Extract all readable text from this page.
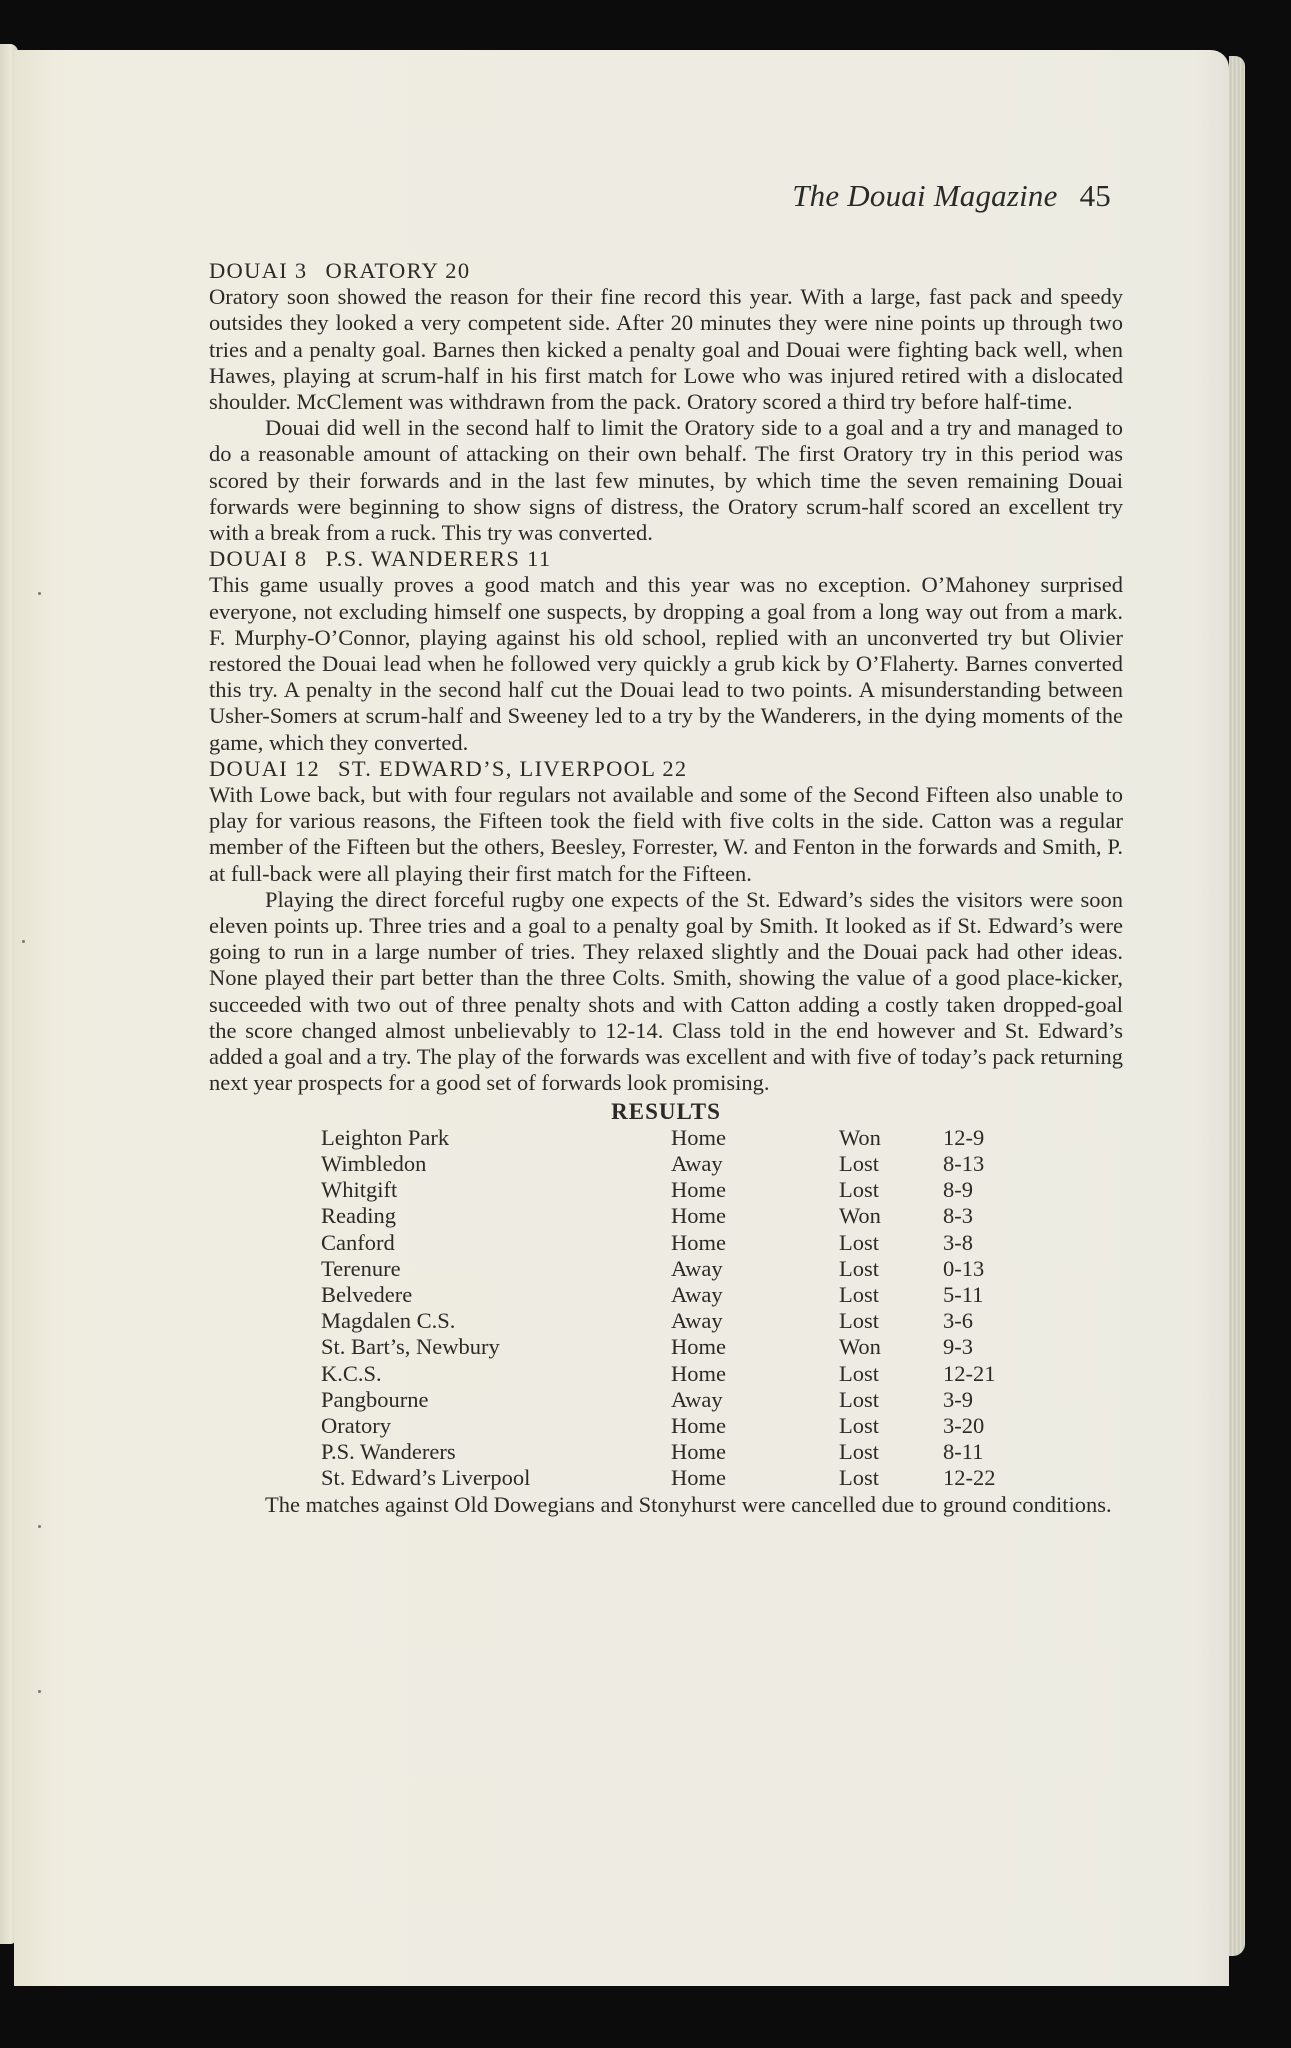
The Douai Magazine 45
DOUAI 3 ORATORY 20

Oratory soon showed the reason for their fine record this year. With a large, fast pack and speedy outsides they looked a very competent side. After 20 minutes they were nine points up through two tries and a penalty goal. Barnes then kicked a penalty goal and Douai were fighting back well, when Hawes, playing at scrum-half in his first match for Lowe who was injured retired with a dislocated shoulder. McClement was withdrawn from the pack. Oratory scored a third try before half-time.

Douai did well in the second half to limit the Oratory side to a goal and a try and managed to do a reasonable amount of attacking on their own behalf. The first Oratory try in this period was scored by their forwards and in the last few minutes, by which time the seven remaining Douai forwards were beginning to show signs of distress, the Oratory scrum-half scored an excellent try with a break from a ruck. This try was converted.

DOUAI 8 P.S. WANDERERS 11

This game usually proves a good match and this year was no exception. O’Mahoney surprised everyone, not excluding himself one suspects, by dropping a goal from a long way out from a mark. F. Murphy-O’Connor, playing against his old school, replied with an unconverted try but Olivier restored the Douai lead when he followed very quickly a grub kick by O’Flaherty. Barnes converted this try. A penalty in the second half cut the Douai lead to two points. A misunderstanding between Usher-Somers at scrum-half and Sweeney led to a try by the Wanderers, in the dying moments of the game, which they converted.

DOUAI 12 ST. EDWARD’S, LIVERPOOL 22

With Lowe back, but with four regulars not available and some of the Second Fifteen also unable to play for various reasons, the Fifteen took the field with five colts in the side. Catton was a regular member of the Fifteen but the others, Beesley, Forrester, W. and Fenton in the forwards and Smith, P. at full-back were all playing their first match for the Fifteen.

Playing the direct forceful rugby one expects of the St. Edward’s sides the visitors were soon eleven points up. Three tries and a goal to a penalty goal by Smith. It looked as if St. Edward’s were going to run in a large number of tries. They relaxed slightly and the Douai pack had other ideas. None played their part better than the three Colts. Smith, showing the value of a good place-kicker, succeeded with two out of three penalty shots and with Catton adding a costly taken dropped-goal the score changed almost unbelievably to 12-14. Class told in the end however and St. Edward’s added a goal and a try. The play of the forwards was excellent and with five of today’s pack returning next year prospects for a good set of forwards look promising.

RESULTS
Leighton Park	Home	Won	12-9
Wimbledon	Away	Lost	8-13
Whitgift	Home	Lost	8-9
Reading	Home	Won	8-3
Canford	Home	Lost	3-8
Terenure	Away	Lost	0-13
Belvedere	Away	Lost	5-11
Magdalen C.S.	Away	Lost	3-6
St. Bart’s, Newbury	Home	Won	9-3
K.C.S.	Home	Lost	12-21
Pangbourne	Away	Lost	3-9
Oratory	Home	Lost	3-20
P.S. Wanderers	Home	Lost	8-11
St. Edward’s Liverpool	Home	Lost	12-22

The matches against Old Dowegians and Stonyhurst were cancelled due to ground conditions.
